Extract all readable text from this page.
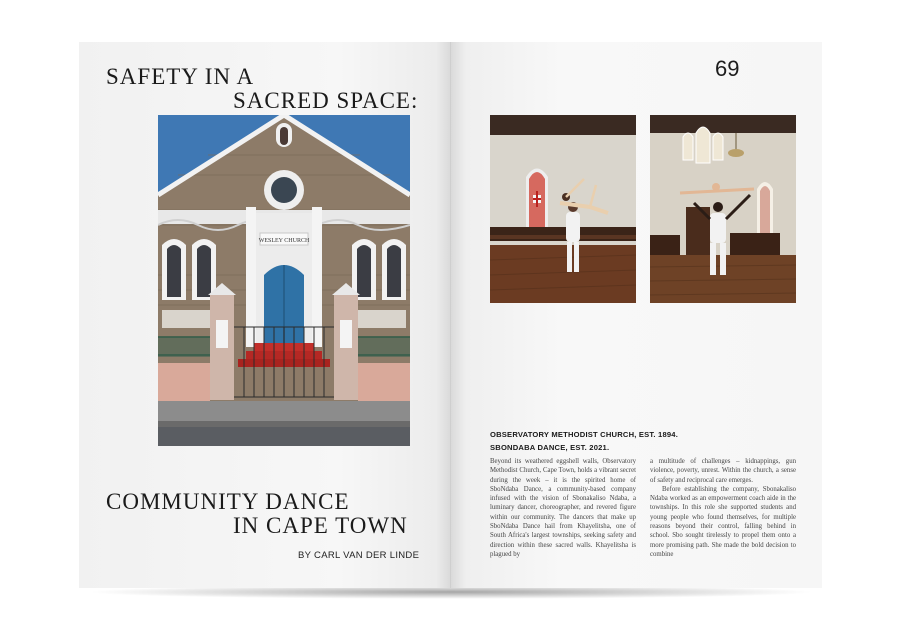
SAFETY IN A
SACRED SPACE:
WESLEY CHURCH
COMMUNITY DANCE
IN CAPE TOWN
BY CARL VAN DER LINDE
69
OBSERVATORY METHODIST CHURCH, EST. 1894.
SBONDABA DANCE, EST. 2021.

Beyond its weathered eggshell walls, Observatory Methodist Church, Cape Town, holds a vibrant secret during the week – it is the spirited home of SboNdaba Dance, a community-based company infused with the vision of Sbonakaliso Ndaba, a luminary dancer, choreographer, and revered figure within our community. The dancers that make up SboNdaba Dance hail from Khayelitsha, one of South Africa's largest townships, seeking safety and direction within these sacred walls. Khayelitsha is plagued by

a multitude of challenges – kidnappings, gun violence, poverty, unrest. Within the church, a sense of safety and reciprocal care emerges.

Before establishing the company, Sbonakaliso Ndaba worked as an empowerment coach aide in the townships. In this role she supported students and young people who found themselves, for multiple reasons beyond their control, falling behind in school. Sbo sought tirelessly to propel them onto a more promising path. She made the bold decision to combine
